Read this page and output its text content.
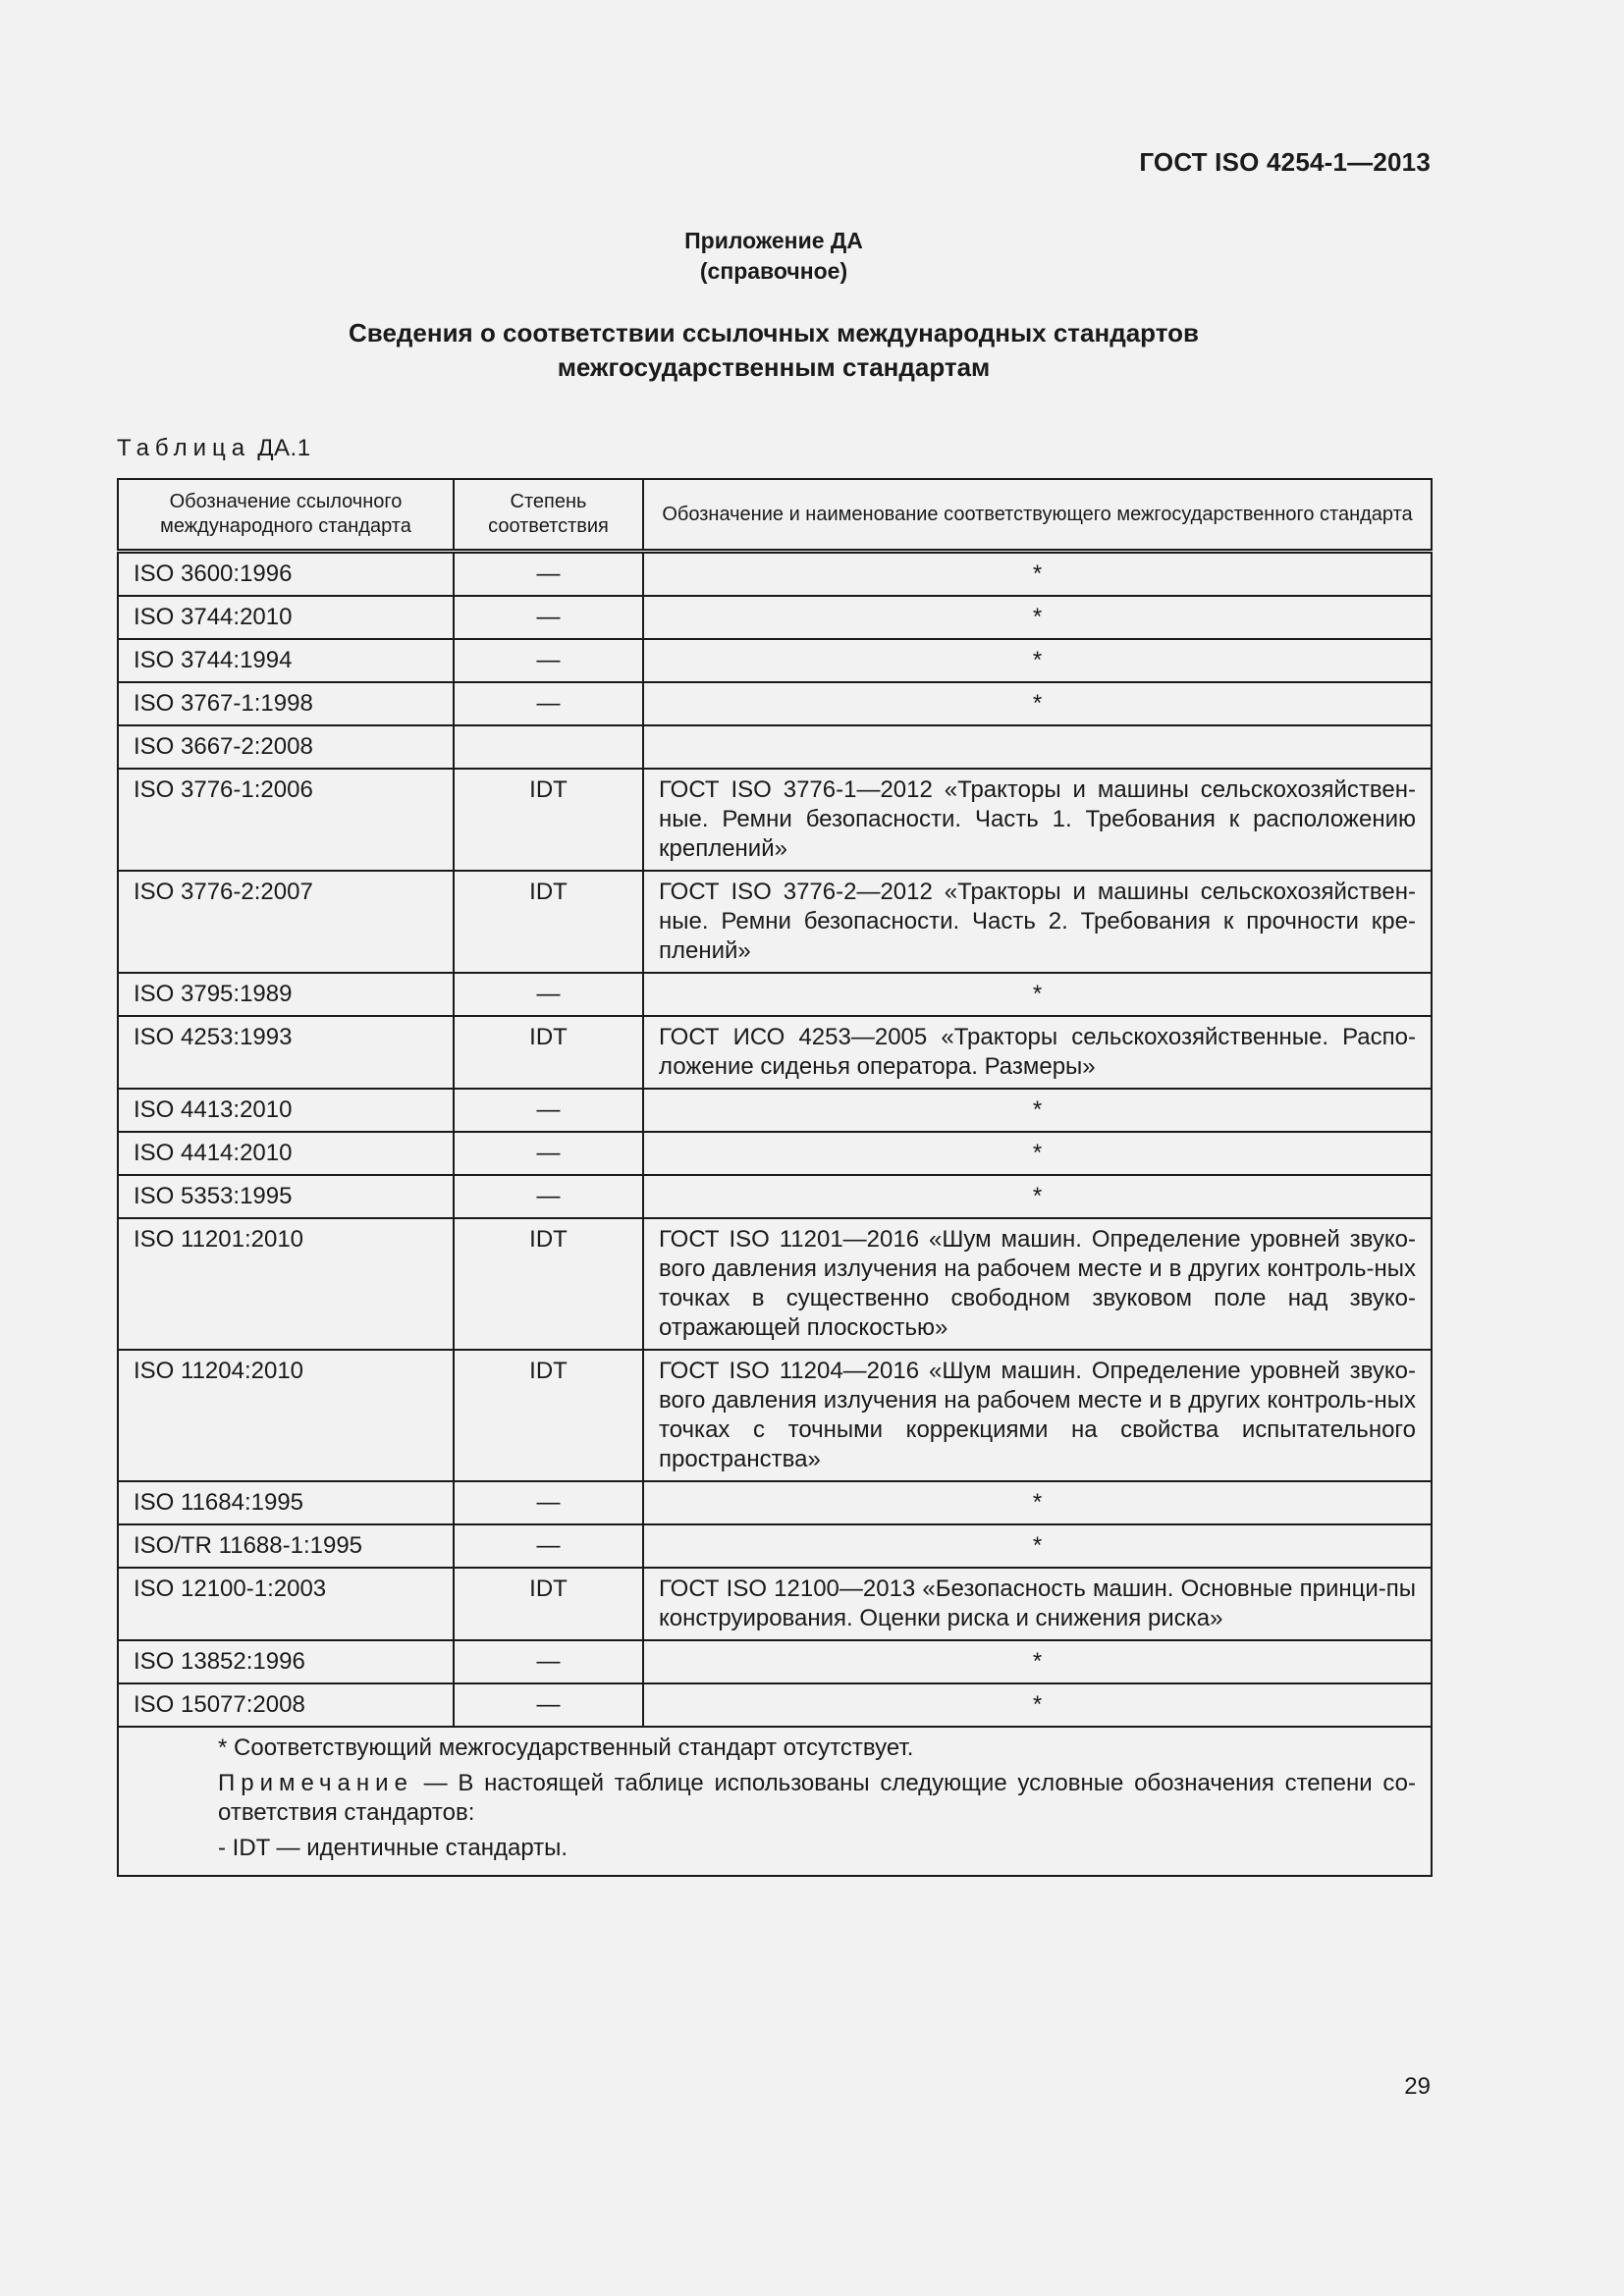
ГОСТ ISO 4254-1—2013
Приложение ДА
(справочное)
Сведения о соответствии ссылочных международных стандартов
межгосударственным стандартам
Таблица ДА.1
Обозначение ссылочного международного стандарта	Степень соответствия	Обозначение и наименование соответствующего межгосударственного стандарта
ISO 3600:1996	—	*
ISO 3744:2010	—	*
ISO 3744:1994	—	*
ISO 3767-1:1998	—	*
ISO 3667-2:2008		
ISO 3776-1:2006	IDT	ГОСТ ISO 3776-1—2012 «Тракторы и машины сельскохозяйствен-ные. Ремни безопасности. Часть 1. Требования к расположению креплений»
ISO 3776-2:2007	IDT	ГОСТ ISO 3776-2—2012 «Тракторы и машины сельскохозяйствен-ные. Ремни безопасности. Часть 2. Требования к прочности кре-плений»
ISO 3795:1989	—	*
ISO 4253:1993	IDT	ГОСТ ИСО 4253—2005 «Тракторы сельскохозяйственные. Распо-ложение сиденья оператора. Размеры»
ISO 4413:2010	—	*
ISO 4414:2010	—	*
ISO 5353:1995	—	*
ISO 11201:2010	IDT	ГОСТ ISO 11201—2016 «Шум машин. Определение уровней звуко-вого давления излучения на рабочем месте и в других контроль-ных точках в существенно свободном звуковом поле над звуко-отражающей плоскостью»
ISO 11204:2010	IDT	ГОСТ ISO 11204—2016 «Шум машин. Определение уровней звуко-вого давления излучения на рабочем месте и в других контроль-ных точках с точными коррекциями на свойства испытательного пространства»
ISO 11684:1995	—	*
ISO/TR 11688-1:1995	—	*
ISO 12100-1:2003	IDT	ГОСТ ISO 12100—2013 «Безопасность машин. Основные принци-пы конструирования. Оценки риска и снижения риска»
ISO 13852:1996	—	*
ISO 15077:2008	—	*

* Соответствующий межгосударственный стандарт отсутствует.
Примечание — В настоящей таблице использованы следующие условные обозначения степени со-ответствия стандартов:
- IDT — идентичные стандарты.		
29
